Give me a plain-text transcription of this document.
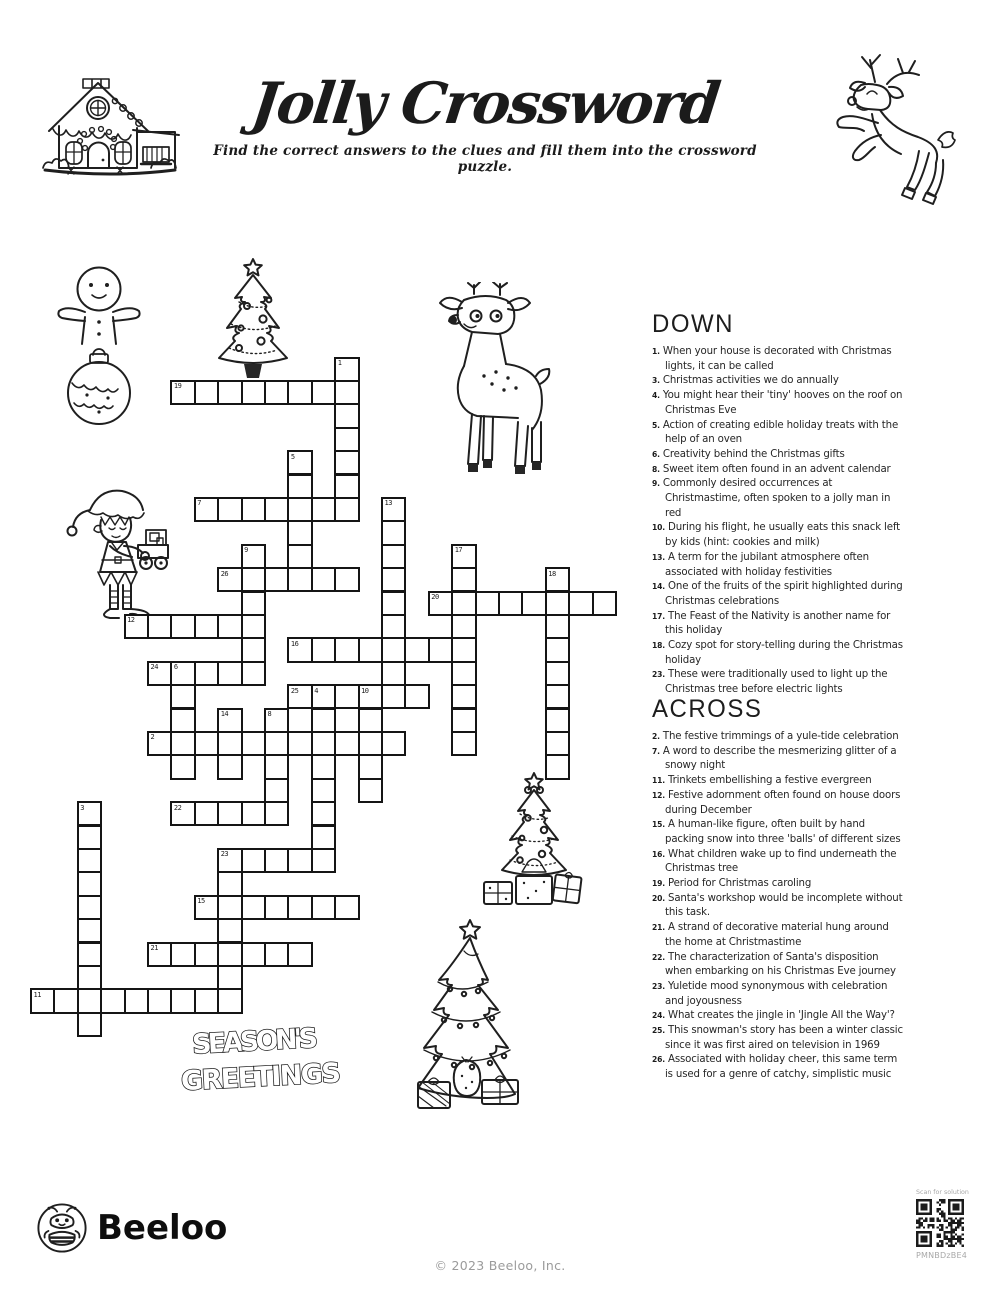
Jolly Crossword
Find the correct answers to the clues and fill them into the crossword puzzle.
SEASON'S
GREETINGS
1
19
5
7	13
9	17
26	18
20
12
16
24 6
25 4	10
14	8
2
3	22
23
15
21
11
DOWN
1. When your house is decorated with Christmas lights, it can be called
3. Christmas activities we do annually
4. You might hear their 'tiny' hooves on the roof on Christmas Eve
5. Action of creating edible holiday treats with the help of an oven
6. Creativity behind the Christmas gifts
8. Sweet item often found in an advent calendar
9. Commonly desired occurrences at Christmastime, often spoken to a jolly man in red
10. During his flight, he usually eats this snack left by kids (hint: cookies and milk)
13. A term for the jubilant atmosphere often associated with holiday festivities
14. One of the fruits of the spirit highlighted during Christmas celebrations
17. The Feast of the Nativity is another name for this holiday
18. Cozy spot for story-telling during the Christmas holiday
23. These were traditionally used to light up the Christmas tree before electric lights
ACROSS
2. The festive trimmings of a yule-tide celebration
7. A word to describe the mesmerizing glitter of a snowy night
11. Trinkets embellishing a festive evergreen
12. Festive adornment often found on house doors during December
15. A human-like figure, often built by hand packing snow into three 'balls' of different sizes
16. What children wake up to find underneath the Christmas tree
19. Period for Christmas caroling
20. Santa's workshop would be incomplete without this task.
21. A strand of decorative material hung around the home at Christmastime
22. The characterization of Santa's disposition when embarking on his Christmas Eve journey
23. Yuletide mood synonymous with celebration and joyousness
24. What creates the jingle in 'Jingle All the Way'?
25. This snowman's story has been a winter classic since it was first aired on television in 1969
26. Associated with holiday cheer, this same term is used for a genre of catchy, simplistic music
Beeloo
© 2023 Beeloo, Inc.
Scan for solution
PMNBDzBE4
